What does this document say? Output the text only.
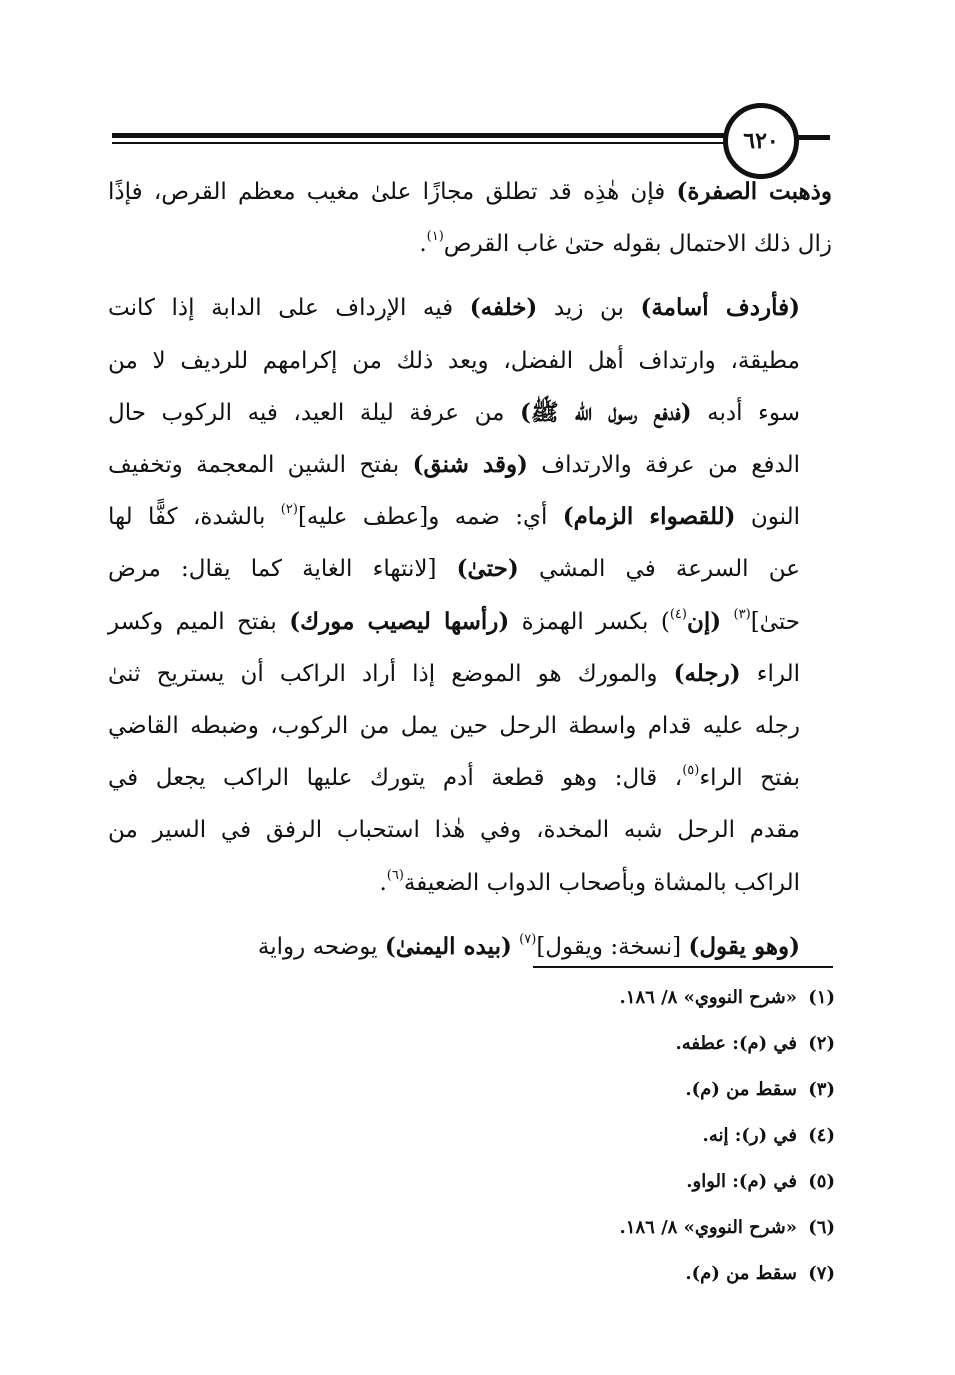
٦٢٠
وذهبت الصفرة) فإن هٰذِه قد تطلق مجازًا علىٰ مغيب معظم القرص، فإذًا
زال ذلك الاحتمال بقوله حتىٰ غاب القرص$^{(١)}$.
(فأردف أسامة) بن زيد (خلفه) فيه الإرداف على الدابة إذا كانت
مطيقة، وارتداف أهل الفضل، ويعد ذلك من إكرامهم للرديف لا من
سوء أدبه (فدفع رسول الله ﷺ) من عرفة ليلة العيد، فيه الركوب حال
الدفع من عرفة والارتداف (وقد شنق) بفتح الشين المعجمة وتخفيف
النون (للقصواء الزمام) أي: ضمه و[عطف عليه]$^{(٢)}$ بالشدة، كفًّا لها
عن السرعة في المشي (حتىٰ) [لانتهاء الغاية كما يقال: مرض
حتىٰ]$^{(٣)}$ (إن$^{(٤)}$) بكسر الهمزة (رأسها ليصيب مورك) بفتح الميم وكسر
الراء (رجله) والمورك هو الموضع إذا أراد الراكب أن يستريح ثنىٰ
رجله عليه قدام واسطة الرحل حين يمل من الركوب، وضبطه القاضي
بفتح الراء$^{(٥)}$، قال: وهو قطعة أدم يتورك عليها الراكب يجعل في
مقدم الرحل شبه المخدة، وفي هٰذا استحباب الرفق في السير من
الراكب بالمشاة وبأصحاب الدواب الضعيفة$^{(٦)}$.
(وهو يقول) [نسخة: ويقول]$^{(٧)}$ (بيده اليمنىٰ) يوضحه رواية
(١)«شرح النووي» ٨/ ١٨٦.
(٢)في (م): عطفه.
(٣)سقط من (م).
(٤)في (ر): إنه.
(٥)في (م): الواو.
(٦)«شرح النووي» ٨/ ١٨٦.
(٧)سقط من (م).
